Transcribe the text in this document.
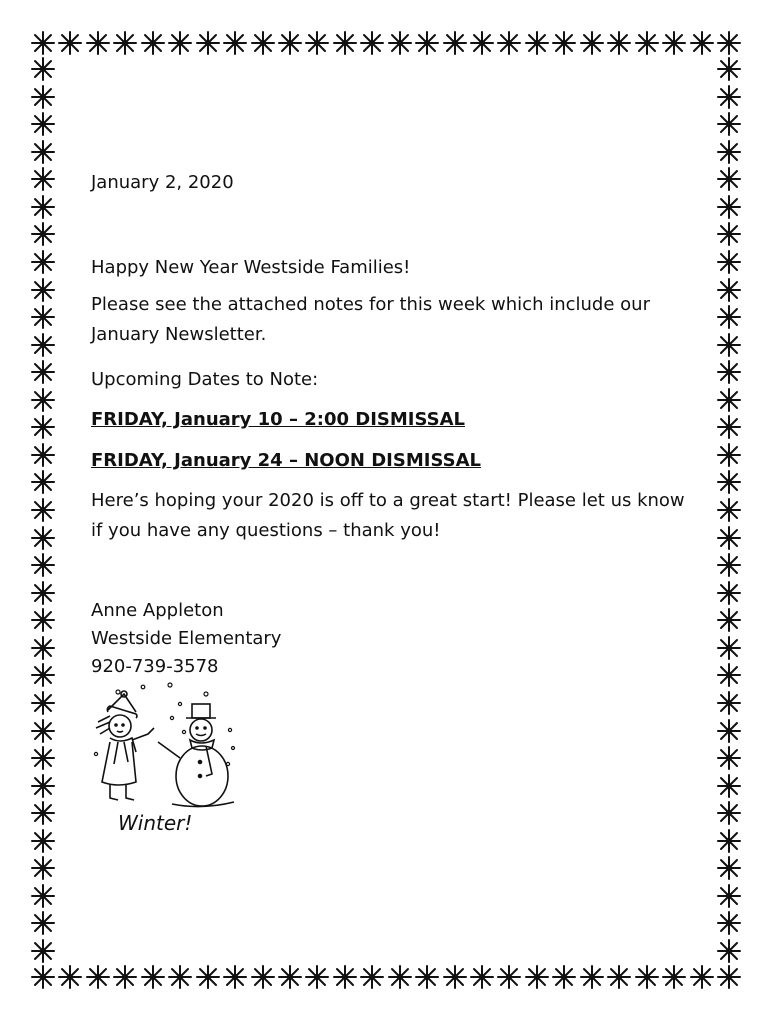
January 2, 2020

Happy New Year Westside Families!

Please see the attached notes for this week which include our January Newsletter.

Upcoming Dates to Note:

FRIDAY, January 10 – 2:00 DISMISSAL

FRIDAY, January 24 – NOON DISMISSAL

Here’s hoping your 2020 is off to a great start! Please let us know if you have any questions – thank you!

Anne Appleton

Westside Elementary

920-739-3578

Winter!
